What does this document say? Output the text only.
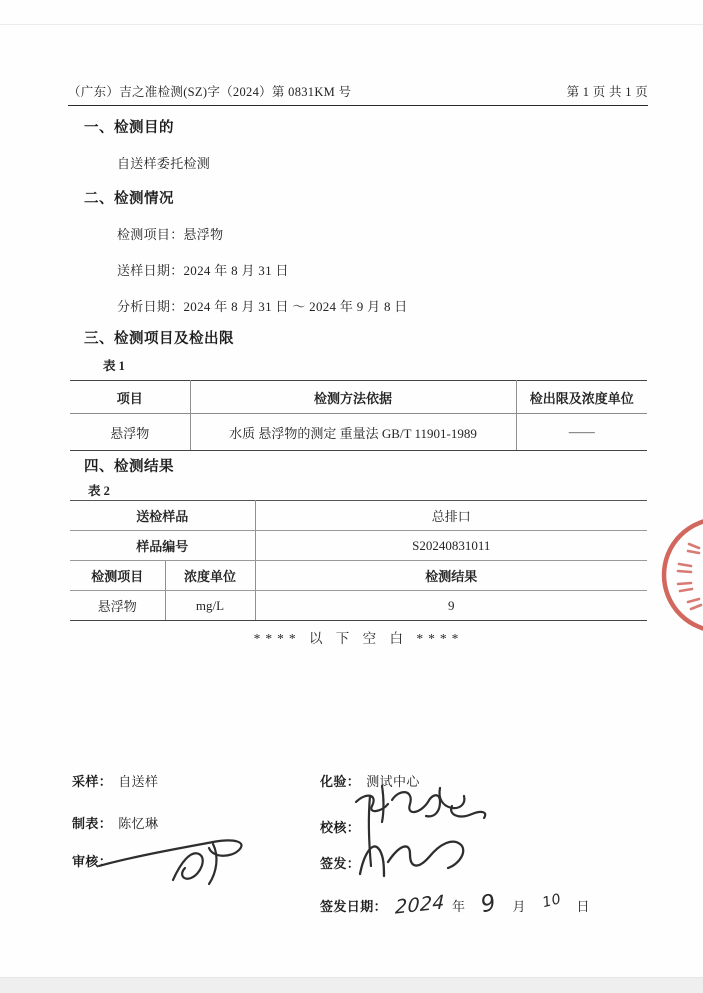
（广东）吉之准检测(SZ)字（2024）第 0831KM 号	第 1 页 共 1 页
一、检测目的
自送样委托检测
二、检测情况
检测项目：悬浮物
送样日期：2024 年 8 月 31 日
分析日期：2024 年 8 月 31 日 ～ 2024 年 9 月 8 日
三、检测项目及检出限
表 1
项目	检测方法依据	检出限及浓度单位
悬浮物	水质 悬浮物的测定 重量法 GB/T 11901-1989	——
四、检测结果
表 2
送检样品		总排口
样品编号		S20240831011
检测项目	浓度单位	检测结果
悬浮物	mg/L	9
**** 以 下 空 白 ****
采样： 自送样	化验： 测试中心
制表： 陈忆琳	校核：
审核：	签发：
签发日期： 2024 年 9 月 10 日
